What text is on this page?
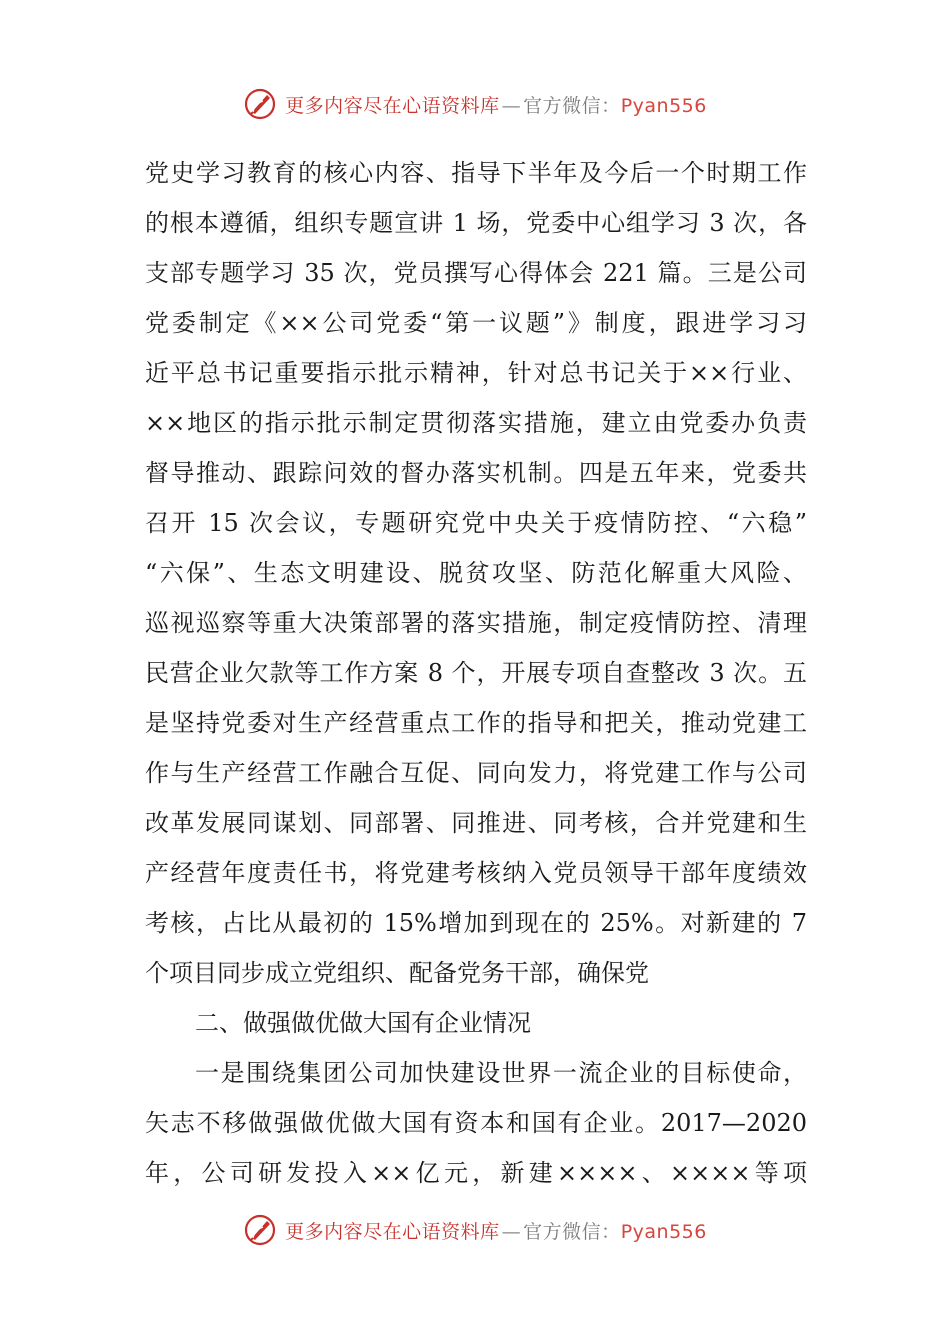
更多内容尽在心语资料库 — 官方微信：Pyan556
党史学习教育的核心内容、指导下半年及今后一个时期工作
的根本遵循，组织专题宣讲 1 场，党委中心组学习 3 次，各
支部专题学习 35 次，党员撰写心得体会 221 篇。三是公司
党委制定《××公司党委“第一议题”》制度，跟进学习习
近平总书记重要指示批示精神，针对总书记关于××行业、
××地区的指示批示制定贯彻落实措施，建立由党委办负责
督导推动、跟踪问效的督办落实机制。四是五年来，党委共
召开 15 次会议，专题研究党中央关于疫情防控、“六稳”
“六保”、生态文明建设、脱贫攻坚、防范化解重大风险、
巡视巡察等重大决策部署的落实措施，制定疫情防控、清理
民营企业欠款等工作方案 8 个，开展专项自查整改 3 次。五
是坚持党委对生产经营重点工作的指导和把关，推动党建工
作与生产经营工作融合互促、同向发力，将党建工作与公司
改革发展同谋划、同部署、同推进、同考核，合并党建和生
产经营年度责任书，将党建考核纳入党员领导干部年度绩效
考核，占比从最初的 15%增加到现在的 25%。对新建的 7
个项目同步成立党组织、配备党务干部，确保党
二、做强做优做大国有企业情况
一是围绕集团公司加快建设世界一流企业的目标使命，
矢志不移做强做优做大国有资本和国有企业。2017—2020
年，公司研发投入××亿元，新建××××、××××等项
更多内容尽在心语资料库 — 官方微信：Pyan556
